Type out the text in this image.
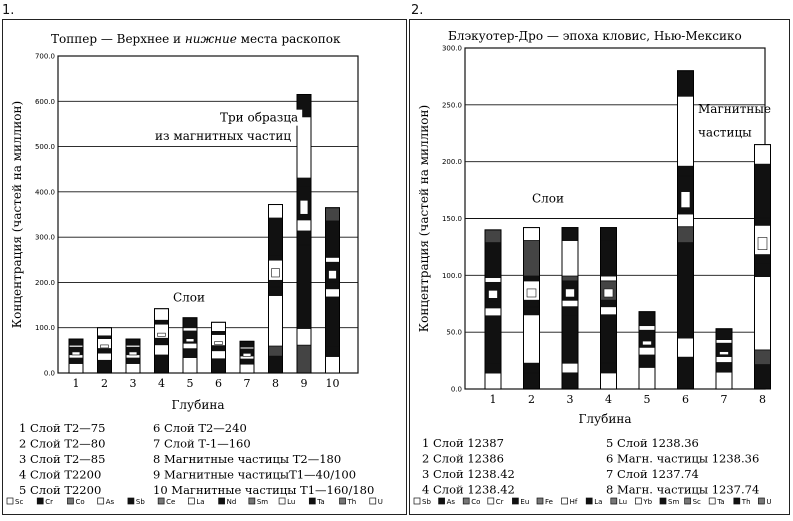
1.	2.
Топпер — Верхнее и нижние места раскопок
0.0
100.0
200.0
300.0
400.0
500.0
600.0
700.0
Концентрация (частей на миллион)
1 2 3 4 5 6 7 8 9 10
Глубина
Три образца
из магнитных частиц
Слои
1 Слой Т2—75	6 Слой Т2—240
2 Слой Т2—80	7 Слой Т-1—160
3 Слой Т2—85	8 Магнитные частицы Т2—180
4 Слой Т2200	9 Магнитные частицыТ1—40/100
5 Слой Т2200	10 Магнитные частицы Т1—160/180
Sc	Cr	Co	As	Sb	Ce	La	Nd	Sm	Lu	Ta	Th	U
Блэкуотер-Дро — эпоха кловис, Нью-Мексико
0.0
50.0
100.0
150.0
200.0
250.0
300.0
Концентрация (частей на миллион)
1	2	3	4	5	6	7	8
Глубина
Магнитные
частицы
Слои
1 Слой 12387	5 Слой 1238.36
2 Слой 12386	6 Магн. частицы 1238.36
3 Слой 1238.42	7 Слой 1237.74
4 Слой 1238.42	8 Магн. частицы 1237.74
Sb As Co Cr Eu Fe Hf La Lu Yb Sm Sc Ta Th U
